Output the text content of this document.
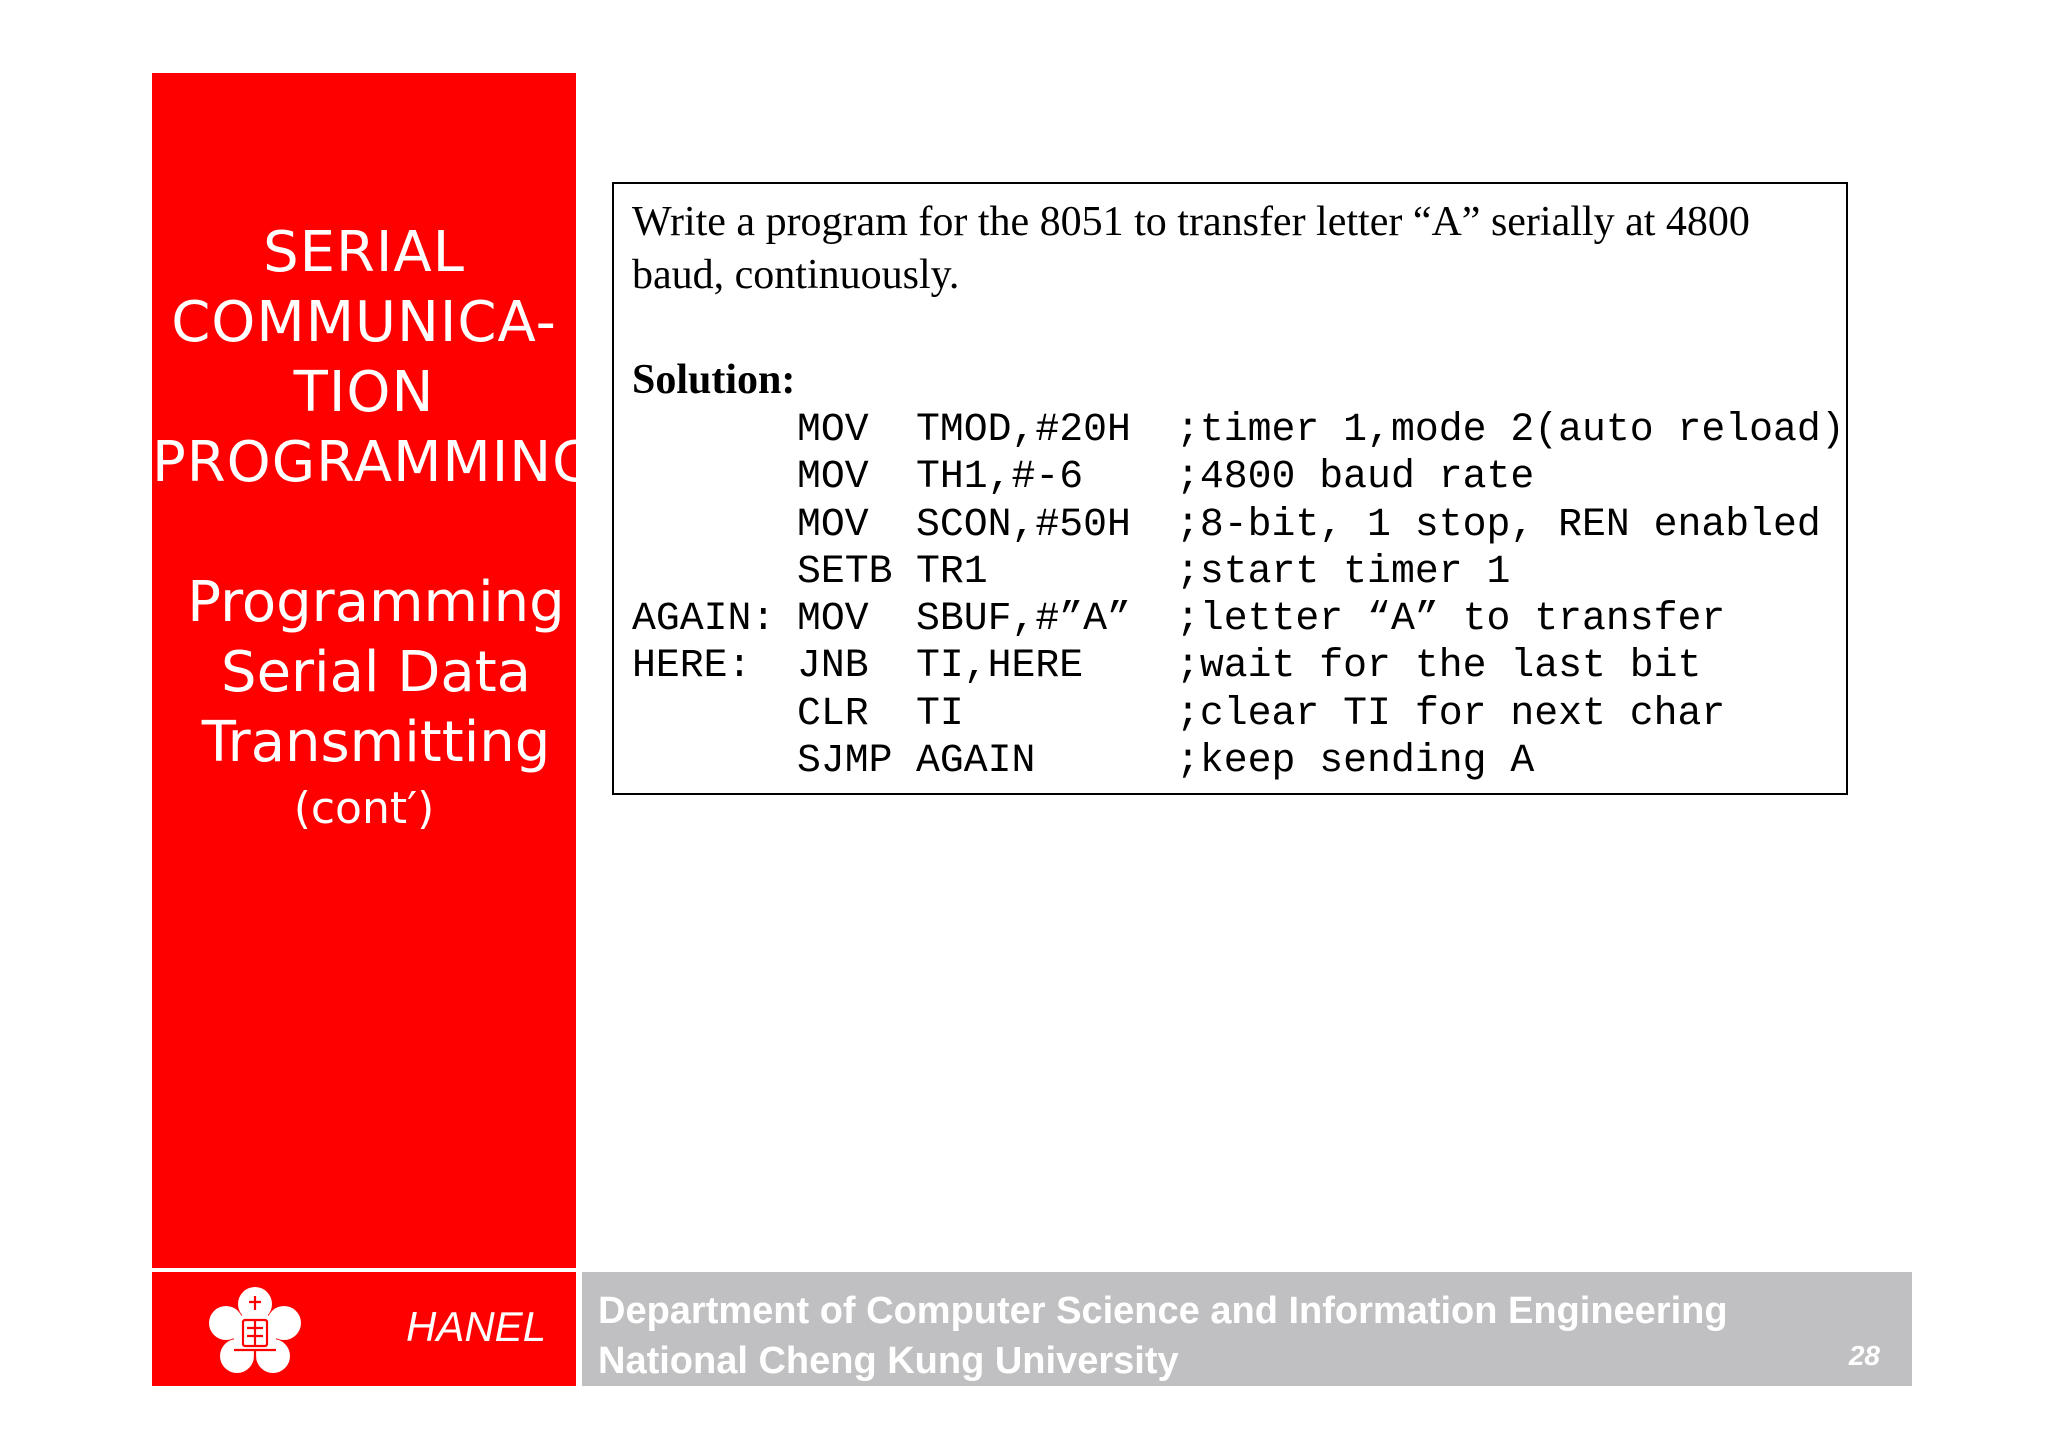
SERIAL
COMMUNICA-
TION
PROGRAMMING
Programming
Serial Data
Transmitting
(cont′)
Write a program for the 8051 to transfer letter “A” serially at 4800
baud, continuously.
Solution:
MOV TMOD,#20H ;timer 1,mode 2(auto reload)
MOV TH1,#-6 ;4800 baud rate
MOV SCON,#50H ;8-bit, 1 stop, REN enabled
SETB TR1	;start timer 1
AGAIN: MOV SBUF,#”A” ;letter “A” to transfer
HERE: JNB TI,HERE ;wait for the last bit
CLR TI	;clear TI for next char
SJMP AGAIN	;keep sending A
HANEL Department of Computer Science and Information Engineering
National Cheng Kung University	28
